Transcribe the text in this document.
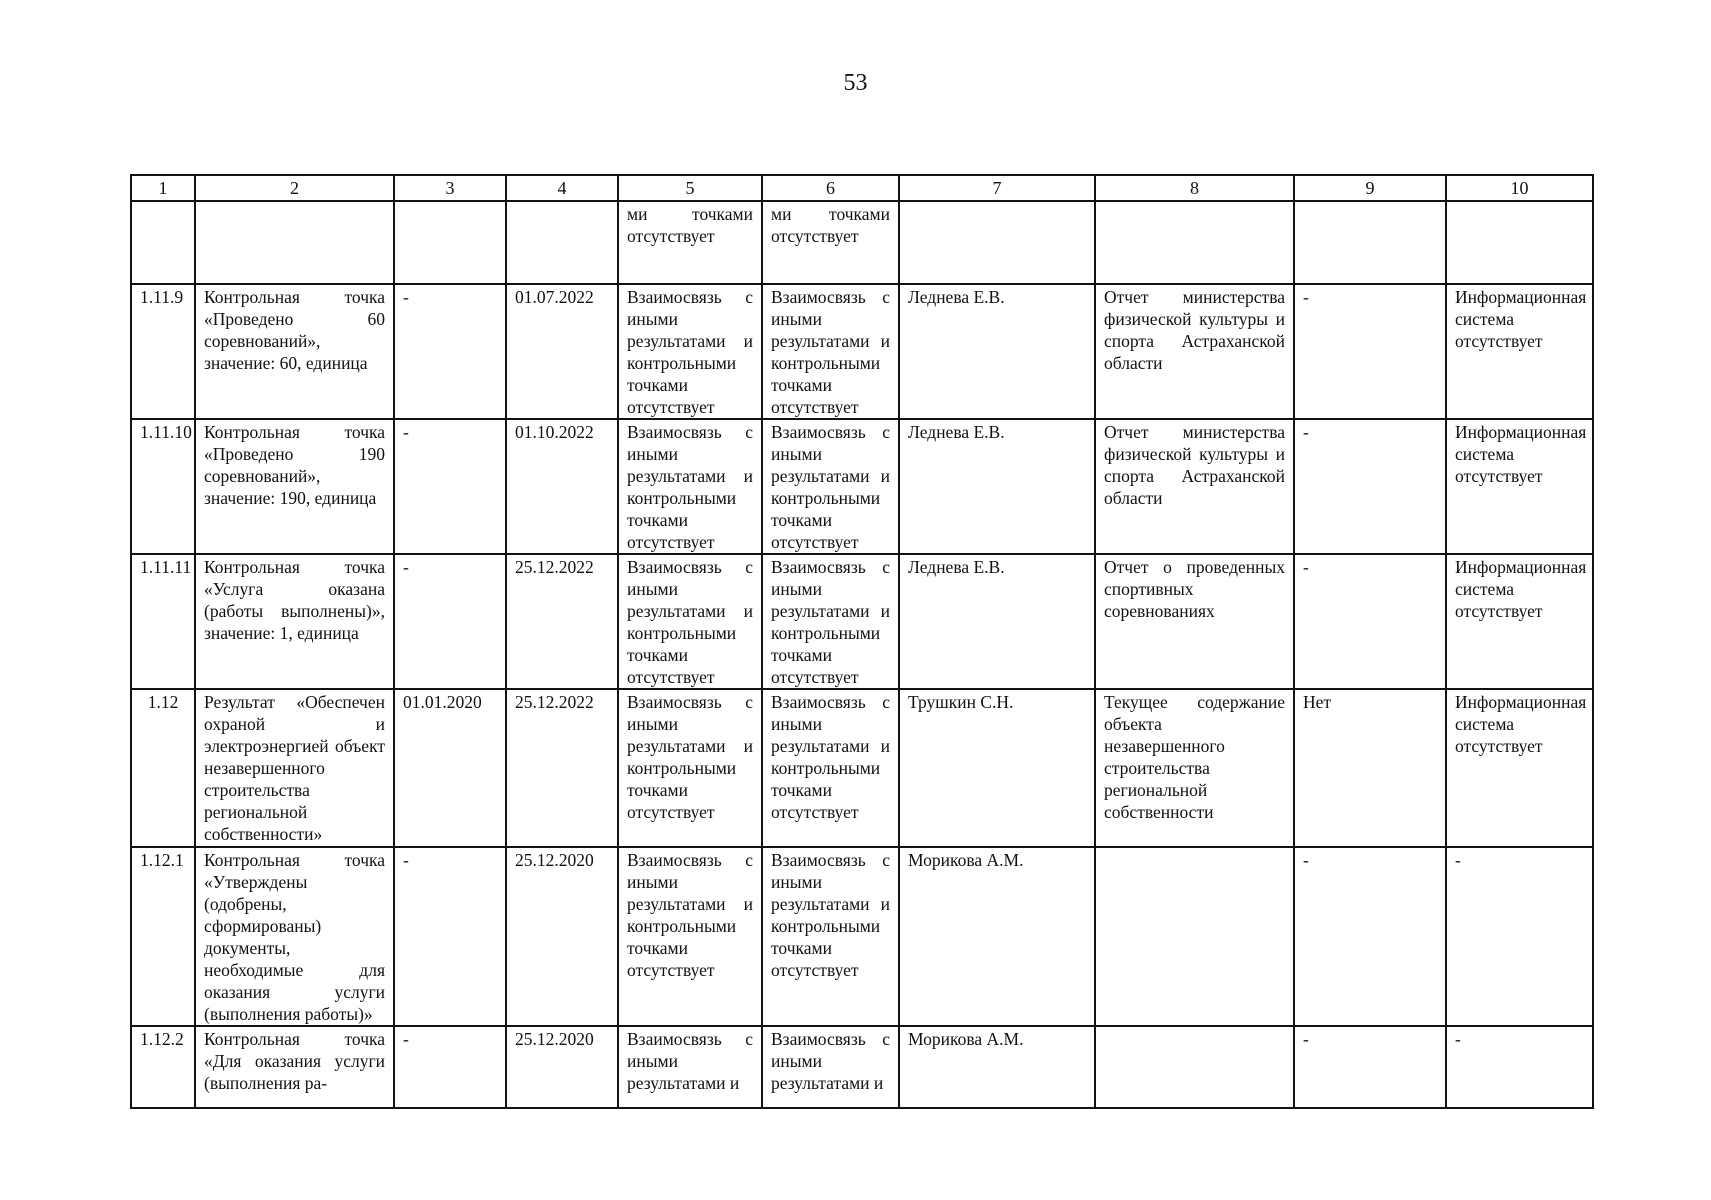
53
1	2	3	4	5	6	7	8	9	10
				ми точками отсутствует	ми точками отсутствует				
1.11.9	Контрольная точка «Проведено 60 соревнований», значение: 60, единица	-	01.07.2022	Взаимосвязь с иными результатами и контрольными точками отсутствует	Взаимосвязь с иными результатами и контрольными точками отсутствует	Леднева Е.В.	Отчет министерства физической культуры и спорта Астраханской области	-	Информационная система отсутствует
1.11.10	Контрольная точка «Проведено 190 соревнований», значение: 190, единица	-	01.10.2022	Взаимосвязь с иными результатами и контрольными точками отсутствует	Взаимосвязь с иными результатами и контрольными точками отсутствует	Леднева Е.В.	Отчет министерства физической культуры и спорта Астраханской области	-	Информационная система отсутствует
1.11.11	Контрольная точка «Услуга оказана (работы выполнены)», значение: 1, единица	-	25.12.2022	Взаимосвязь с иными результатами и контрольными точками отсутствует	Взаимосвязь с иными результатами и контрольными точками отсутствует	Леднева Е.В.	Отчет о проведенных спортивных соревнованиях	-	Информационная система отсутствует
1.12	Результат «Обеспечен охраной и электроэнергией объект незавершенного строительства региональной собственности»	01.01.2020	25.12.2022	Взаимосвязь с иными результатами и контрольными точками отсутствует	Взаимосвязь с иными результатами и контрольными точками отсутствует	Трушкин С.Н.	Текущее содержание объекта незавершенного строительства региональной собственности	Нет	Информационная система отсутствует
1.12.1	Контрольная точка «Утверждены (одобрены, сформированы) документы, необходимые для оказания услуги (выполнения работы)»	-	25.12.2020	Взаимосвязь с иными результатами и контрольными точками отсутствует	Взаимосвязь с иными результатами и контрольными точками отсутствует	Морикова А.М.		-	-
1.12.2	Контрольная точка «Для оказания услуги (выполнения ра-	-	25.12.2020	Взаимосвязь с иными результатами и	Взаимосвязь с иными результатами и	Морикова А.М.		-	-
